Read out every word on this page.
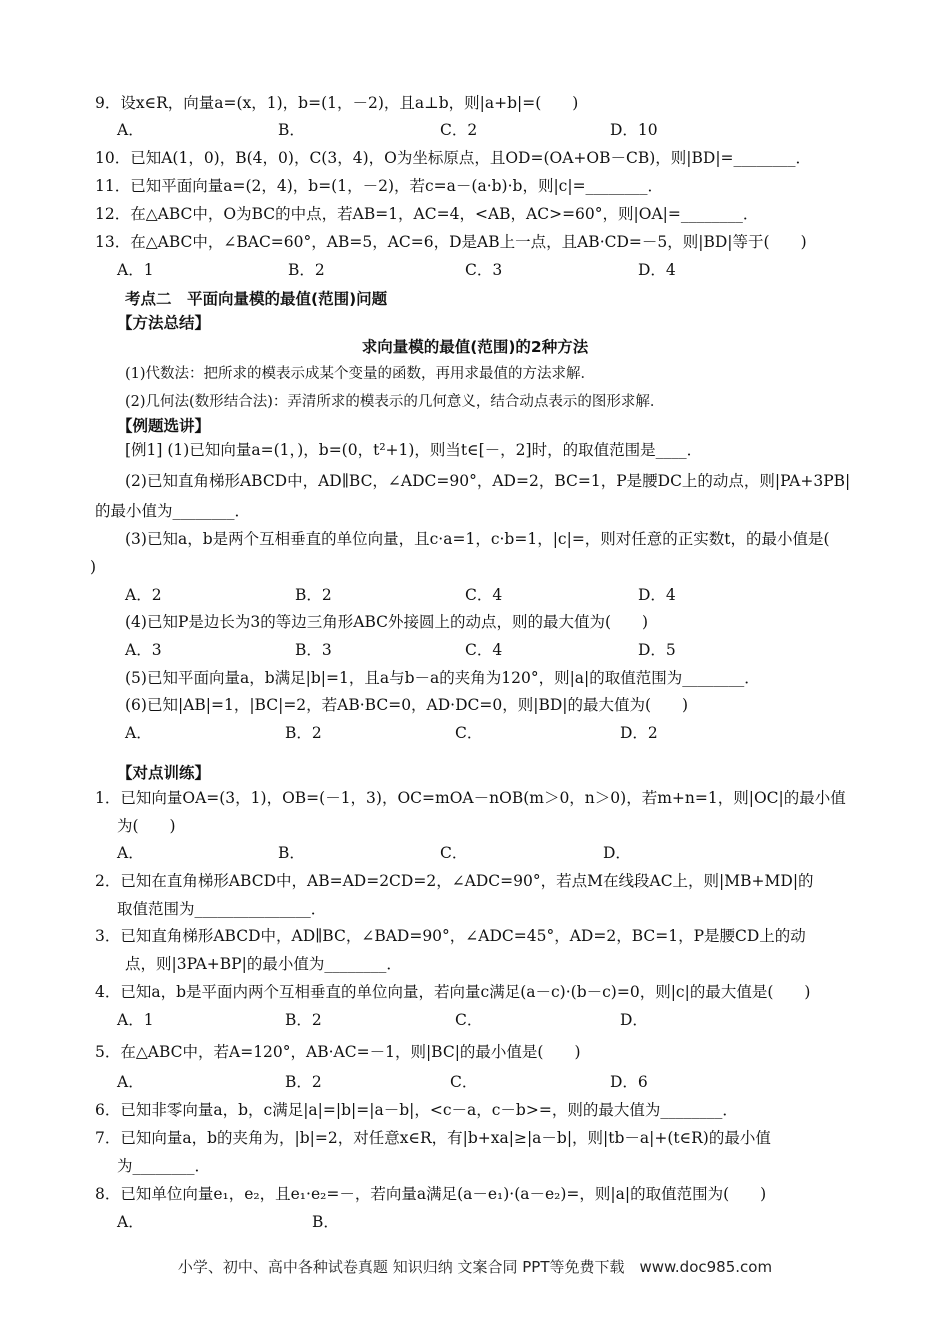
9．设x∈R，向量a=(x，1)，b=(1，－2)，且a⊥b，则|a+b|=(　　)
A．	B．	C．2	D．10
10．已知A(1，0)，B(4，0)，C(3，4)，O为坐标原点，且OD=(OA+OB－CB)，则|BD|=________．
11．已知平面向量a=(2，4)，b=(1，－2)，若c=a－(a·b)·b，则|c|=________．
12．在△ABC中，O为BC的中点，若AB=1，AC=4，<AB，AC>=60°，则|OA|=________．
13．在△ABC中，∠BAC=60°，AB=5，AC=6，D是AB上一点，且AB·CD=－5，则|BD|等于(　　)
A．1	B．2	C．3	D．4
考点二　平面向量模的最值(范围)问题
【方法总结】
求向量模的最值(范围)的2种方法
(1)代数法：把所求的模表示成某个变量的函数，再用求最值的方法求解．
(2)几何法(数形结合法)：弄清所求的模表示的几何意义，结合动点表示的图形求解．
【例题选讲】
[例1] (1)已知向量a=(1，)，b=(0，t²+1)，则当t∈[－，2]时，的取值范围是____．
(2)已知直角梯形ABCD中，AD∥BC，∠ADC=90°，AD=2，BC=1，P是腰DC上的动点，则|PA+3PB|
的最小值为________．
(3)已知a，b是两个互相垂直的单位向量，且c·a=1，c·b=1，|c|=，则对任意的正实数t，的最小值是(
)
A．2	B．2	C．4	D．4
(4)已知P是边长为3的等边三角形ABC外接圆上的动点，则的最大值为(　　)
A．3	B．3	C．4	D．5
(5)已知平面向量a，b满足|b|=1，且a与b－a的夹角为120°，则|a|的取值范围为________．
(6)已知|AB|=1，|BC|=2，若AB·BC=0，AD·DC=0，则|BD|的最大值为(　　)
A．	B．2	C．	D．2
【对点训练】
1．已知向量OA=(3，1)，OB=(－1，3)，OC=mOA－nOB(m＞0，n＞0)，若m+n=1，则|OC|的最小值
为(　　)
A．	B．	C．	D．
2．已知在直角梯形ABCD中，AB=AD=2CD=2，∠ADC=90°，若点M在线段AC上，则|MB+MD|的
取值范围为_______________．
3．已知直角梯形ABCD中，AD∥BC，∠BAD=90°，∠ADC=45°，AD=2，BC=1，P是腰CD上的动
点，则|3PA+BP|的最小值为________．
4．已知a，b是平面内两个互相垂直的单位向量，若向量c满足(a－c)·(b－c)=0，则|c|的最大值是(　　)
A．1	B．2	C．	D．
5．在△ABC中，若A=120°，AB·AC=－1，则|BC|的最小值是(　　)
A．	B．2	C．	D．6
6．已知非零向量a，b，c满足|a|=|b|=|a－b|，<c－a，c－b>=，则的最大值为________．
7．已知向量a，b的夹角为，|b|=2，对任意x∈R，有|b+xa|≥|a－b|，则|tb－a|+(t∈R)的最小值
为________．
8．已知单位向量e₁，e₂，且e₁·e₂=－，若向量a满足(a－e₁)·(a－e₂)=，则|a|的取值范围为(　　)
A．	B．
小学、初中、高中各种试卷真题 知识归纳 文案合同 PPT等免费下载　www.doc985.com
